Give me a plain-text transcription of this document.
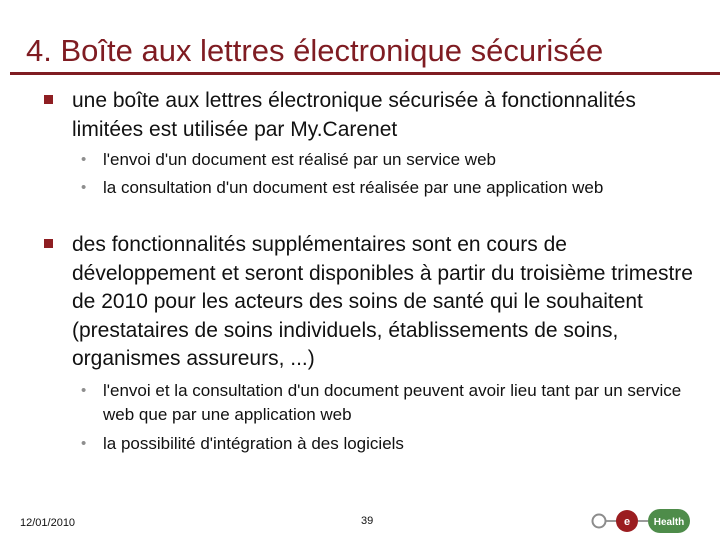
4. Boîte aux lettres électronique sécurisée
une boîte aux lettres électronique sécurisée à fonctionnalités limitées est utilisée par My.Carenet
• l'envoi d'un document est réalisé par un service web
• la consultation d'un document est réalisée par une application web
des fonctionnalités supplémentaires sont en cours de développement et seront disponibles à partir du troisième trimestre de 2010 pour les acteurs des soins de santé qui le souhaitent (prestataires de soins individuels, établissements de soins, organismes assureurs, ...)
• l'envoi et la consultation d'un document peuvent avoir lieu tant par un service web que par une application web
• la possibilité d'intégration à des logiciels
12/01/2010	39	e Health
